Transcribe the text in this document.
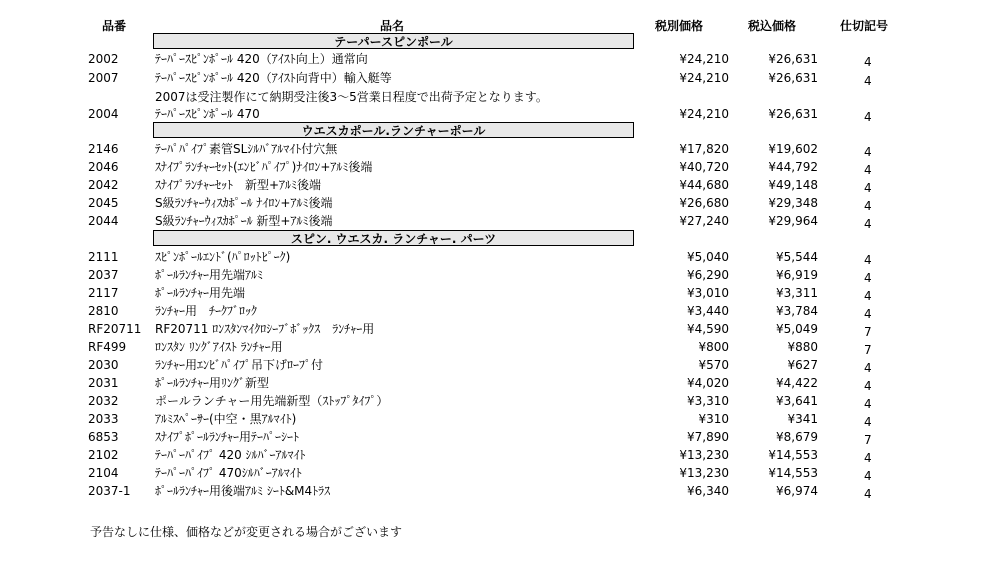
品番	品名	税別価格	税込価格	仕切記号
テーパースピンポール
ウエスカポール.ランチャーポール
スピン. ウエスカ. ランチャー. パーツ
2007は受注製作にて納期受注後3～5営業日程度で出荷予定となります。
予告なしに仕様、価格などが変更される場合がございます
2002	ﾃｰﾊﾟｰｽﾋﾟﾝﾎﾟｰﾙ 420（ｱｲｽﾄ向上）通常向	¥24,210	¥26,631	4
2007	ﾃｰﾊﾟｰｽﾋﾟﾝﾎﾟｰﾙ 420（ｱｲｽﾄ向背中）輸入艇等	¥24,210	¥26,631	4
2004	ﾃｰﾊﾟｰｽﾋﾟﾝﾎﾟｰﾙ 470	¥24,210	¥26,631	4
2146	ﾃｰﾊﾟﾊﾟｲﾌﾟ素管SLｼﾙﾊﾞｱﾙﾏｲﾄ付穴無	¥17,820	¥19,602	4
2046	ｽﾅｲﾌﾟﾗﾝﾁｬｰｾｯﾄ(ｴﾝﾋﾞﾊﾟｲﾌﾟ)ﾅｲﾛﾝ+ｱﾙﾐ後端	¥40,720	¥44,792	4
2042	ｽﾅｲﾌﾟﾗﾝﾁｬｰｾｯﾄ　新型+ｱﾙﾐ後端	¥44,680	¥49,148	4
2045	S級ﾗﾝﾁｬｰｳｨｽｶﾎﾟｰﾙ ﾅｲﾛﾝ+ｱﾙﾐ後端	¥26,680	¥29,348	4
2044	S級ﾗﾝﾁｬｰｳｨｽｶﾎﾟｰﾙ 新型+ｱﾙﾐ後端	¥27,240	¥29,964	4
2111	ｽﾋﾟﾝﾎﾟｰﾙｴﾝﾄﾞ(ﾊﾟﾛｯﾄﾋﾟｰｸ)	¥5,040	¥5,544	4
2037	ﾎﾟｰﾙﾗﾝﾁｬｰ用先端ｱﾙﾐ	¥6,290	¥6,919	4
2117	ﾎﾟｰﾙﾗﾝﾁｬｰ用先端	¥3,010	¥3,311	4
2810	ﾗﾝﾁｬｰ用　ﾁｰｸﾌﾞﾛｯｸ	¥3,440	¥3,784	4
RF20711 RF20711 ﾛﾝｽﾀﾝﾏｲｸﾛｼｰﾌﾞﾎﾞｯｸｽ　ﾗﾝﾁｬｰ用	¥4,590	¥5,049	7
RF499 ﾛﾝｽﾀﾝ ﾘﾝｸﾞｱｲｽﾄ ﾗﾝﾁｬｰ用	¥800	¥880	7
2030	ﾗﾝﾁｬｰ用ｴﾝﾋﾞﾊﾟｲﾌﾟ吊下げﾛｰﾌﾟ付	¥570	¥627	4
2031	ﾎﾟｰﾙﾗﾝﾁｬｰ用ﾘﾝｸﾞ新型	¥4,020	¥4,422	4
2032	ポールランチャー用先端新型（ｽﾄｯﾌﾟﾀｲﾌﾟ）	¥3,310	¥3,641	4
2033	ｱﾙﾐｽﾍﾟｰｻｰ(中空・黒ｱﾙﾏｲﾄ)	¥310	¥341	4
6853	ｽﾅｲﾌﾟﾎﾟｰﾙﾗﾝﾁｬｰ用ﾃｰﾊﾟｰｼｰﾄ	¥7,890	¥8,679	7
2102	ﾃｰﾊﾟｰﾊﾟｲﾌﾟ 420 ｼﾙﾊﾞｰｱﾙﾏｲﾄ	¥13,230	¥14,553	4
2104	ﾃｰﾊﾟｰﾊﾟｲﾌﾟ 470ｼﾙﾊﾞｰｱﾙﾏｲﾄ	¥13,230	¥14,553	4
2037-1 ﾎﾟｰﾙﾗﾝﾁｬｰ用後端ｱﾙﾐ ｼｰﾄ&M4ﾄﾗｽ	¥6,340	¥6,974	4
